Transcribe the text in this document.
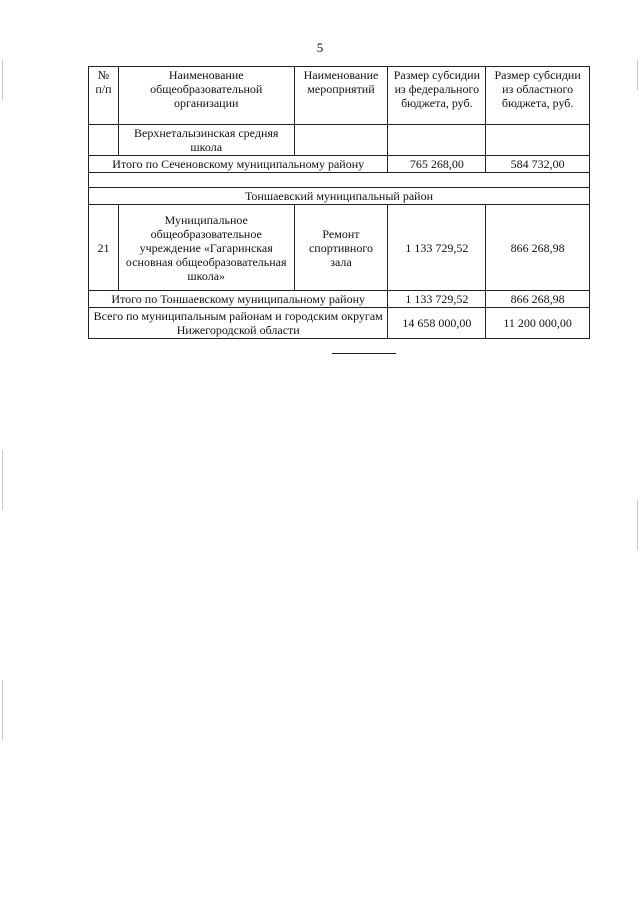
5
№ п/п	Наименование общеобразовательной организации	Наименование мероприятий	Размер субсидии из федерального бюджета, руб.	Размер субсидии из областного бюджета, руб.
	Верхнеталызинская средняя школа			
Итого по Сеченовскому муниципальному району			765 268,00	584 732,00

Тоншаевский муниципальный район				
21	Муниципальное общеобразовательное учреждение «Гагаринская основная общеобразовательная школа»	Ремонт спортивного зала	1 133 729,52	866 268,98
Итого по Тоншаевскому муниципальному району			1 133 729,52	866 268,98
Всего по муниципальным районам и городским округам Нижегородской области			14 658 000,00	11 200 000,00
